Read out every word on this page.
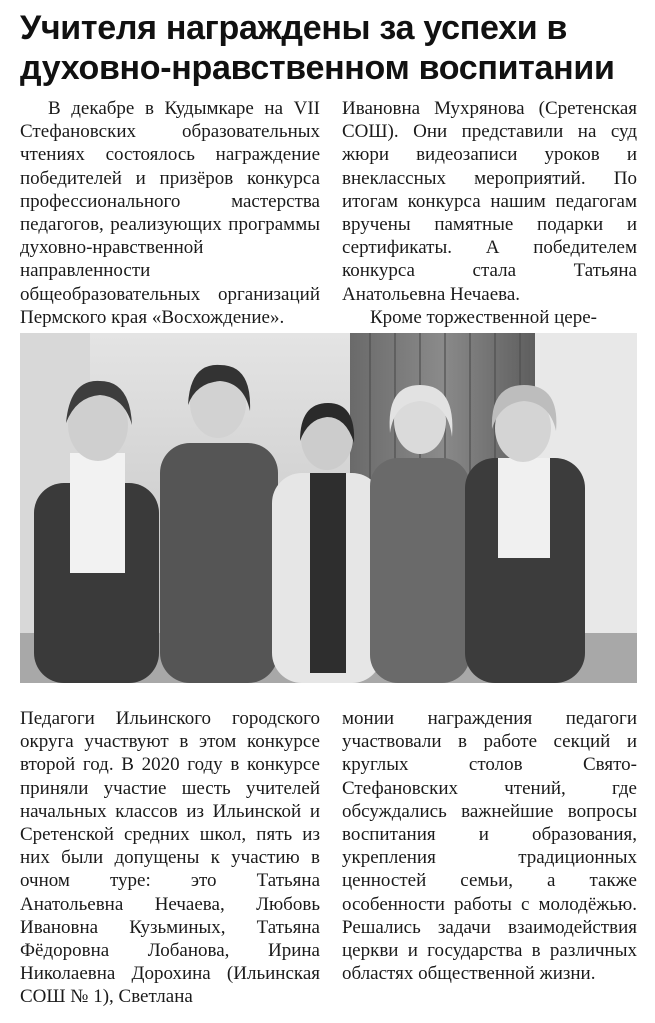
Учителя награждены за успехи в духовно-нравственном воспитании

В декабре в Кудымкаре на VII Стефановских образовательных чтениях состоялось награждение победителей и призёров конкурса профессионального мастерства педагогов, реализующих программы духовно-нравственной направленности общеобразовательных организаций Пермского края «Восхождение».

Ивановна Мухрянова (Сретенская СОШ). Они представили на суд жюри видеозаписи уроков и внеклассных мероприятий. По итогам конкурса нашим педагогам вручены памятные подарки и сертификаты. А победителем конкурса стала Татьяна Анатольевна Нечаева.

Кроме торжественной цере-

Педагоги Ильинского городского округа участвуют в этом конкурсе второй год. В 2020 году в конкурсе приняли участие шесть учителей начальных классов из Ильинской и Сретенской средних школ, пять из них были допущены к участию в очном туре: это Татьяна Анатольевна Нечаева, Любовь Ивановна Кузьминых, Татьяна Фёдоровна Лобанова, Ирина Николаевна Дорохина (Ильинская СОШ № 1), Светлана

монии награждения педагоги участвовали в работе секций и круглых столов Свято-Стефановских чтений, где обсуждались важнейшие вопросы воспитания и образования, укрепления традиционных ценностей семьи, а также особенности работы с молодёжью. Решались задачи взаимодействия церкви и государства в различных областях общественной жизни.
